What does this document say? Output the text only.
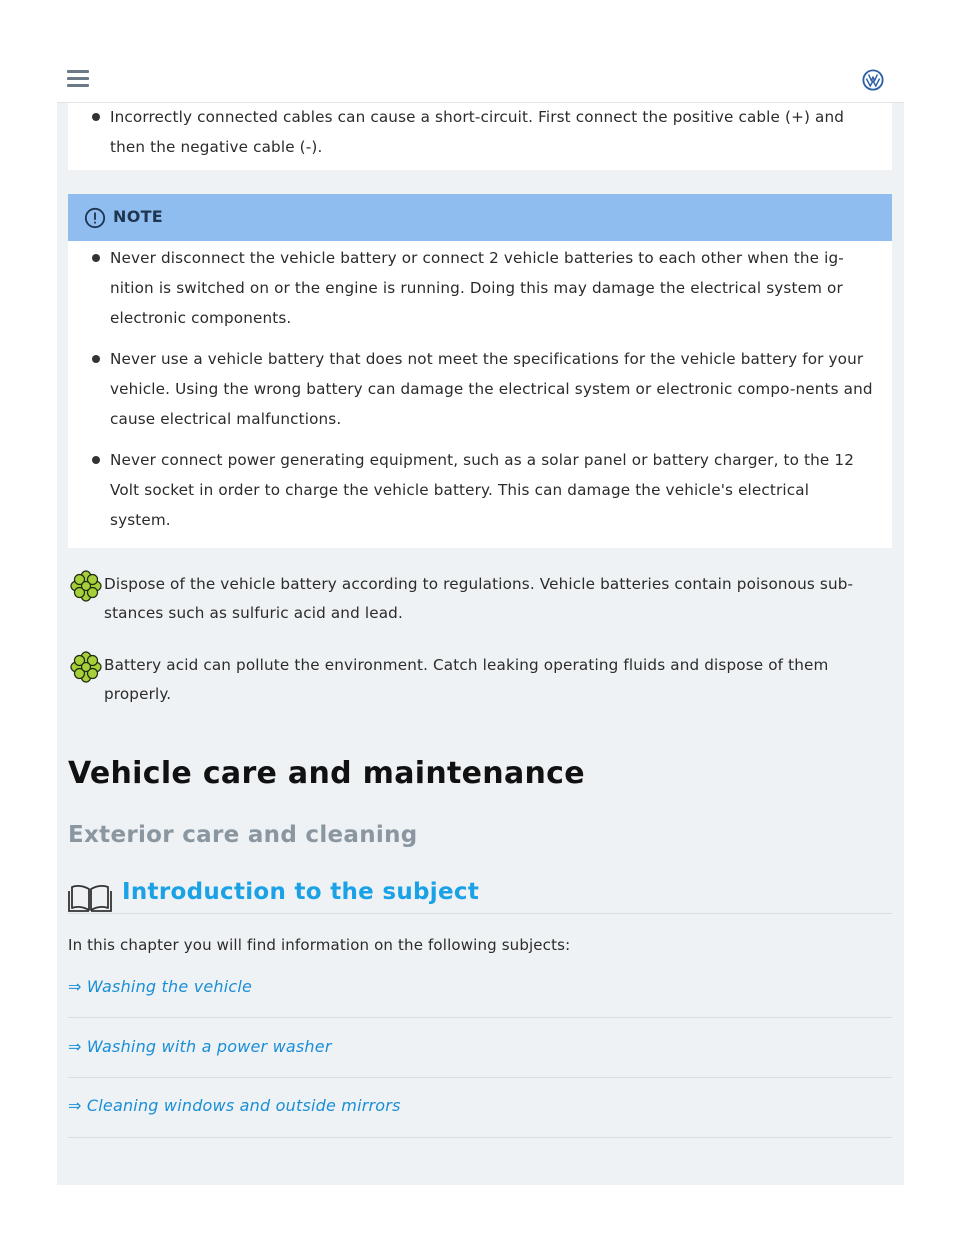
Incorrectly connected cables can cause a short-circuit. First connect the positive cable (+) and then the negative cable (-).
NOTE
Never disconnect the vehicle battery or connect 2 vehicle batteries to each other when the ig-nition is switched on or the engine is running. Doing this may damage the electrical system or electronic components.
Never use a vehicle battery that does not meet the specifications for the vehicle battery for your vehicle. Using the wrong battery can damage the electrical system or electronic compo-nents and cause electrical malfunctions.
Never connect power generating equipment, such as a solar panel or battery charger, to the 12 Volt socket in order to charge the vehicle battery. This can damage the vehicle's electrical system.
Dispose of the vehicle battery according to regulations. Vehicle batteries contain poisonous sub-stances such as sulfuric acid and lead.
Battery acid can pollute the environment. Catch leaking operating fluids and dispose of them properly.
Vehicle care and maintenance
Exterior care and cleaning
Introduction to the subject
In this chapter you will find information on the following subjects:
⇒ Washing the vehicle
⇒ Washing with a power washer
⇒ Cleaning windows and outside mirrors
